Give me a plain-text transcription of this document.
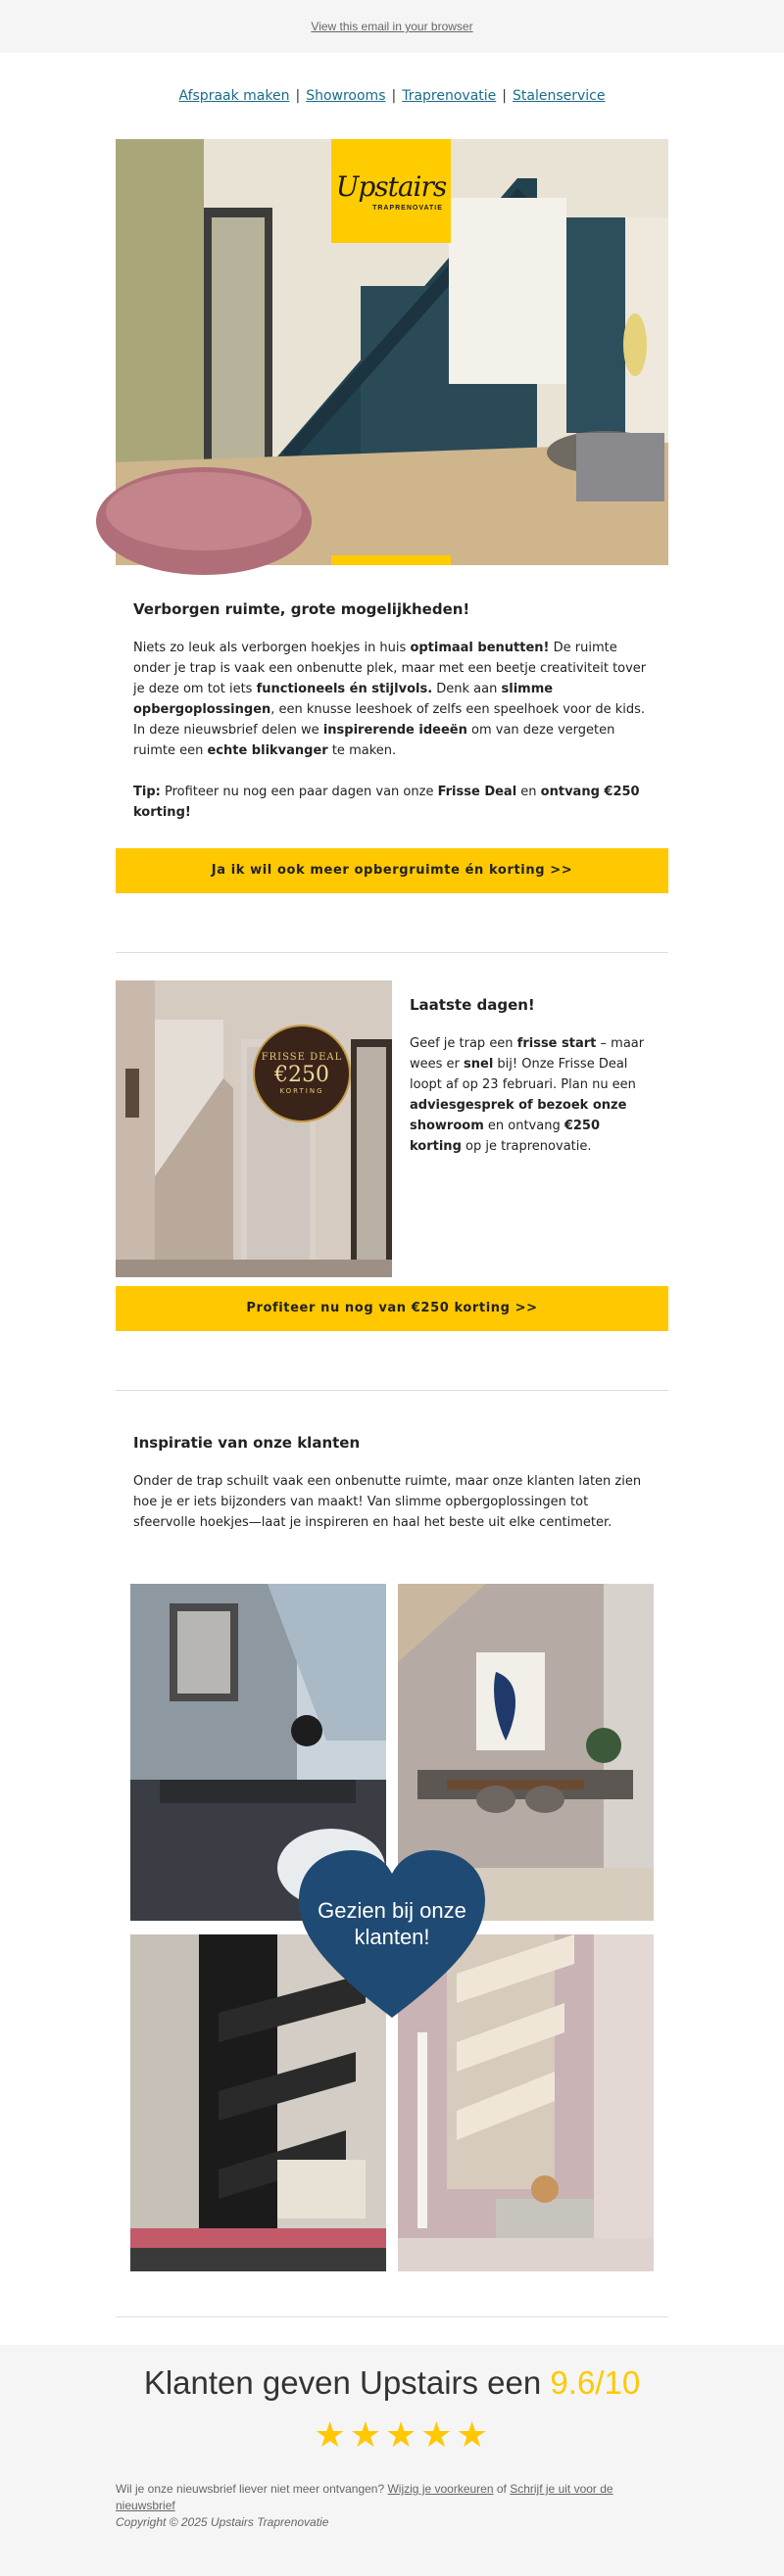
View this email in your browser
Afspraak maken | Showrooms | Traprenovatie | Stalenservice
Upstairs
TRAPRENOVATIE
Verborgen ruimte, grote mogelijkheden!

Niets zo leuk als verborgen hoekjes in huis optimaal benutten! De ruimte onder je trap is vaak een onbenutte plek, maar met een beetje creativiteit tover je deze om tot iets functioneels én stijlvols. Denk aan slimme opbergoplossingen, een knusse leeshoek of zelfs een speelhoek voor de kids. In deze nieuwsbrief delen we inspirerende ideeën om van deze vergeten ruimte een echte blikvanger te maken.

Tip: Profiteer nu nog een paar dagen van onze Frisse Deal en ontvang €250 korting!

Ja ik wil ook meer opbergruimte én korting >>
FRISSE DEAL
€250
KORTING
Laatste dagen!

Geef je trap een frisse start – maar wees er snel bij! Onze Frisse Deal loopt af op 23 februari. Plan nu een adviesgesprek of bezoek onze showroom en ontvang €250 korting op je traprenovatie.

Profiteer nu nog van €250 korting >>
Inspiratie van onze klanten

Onder de trap schuilt vaak een onbenutte ruimte, maar onze klanten laten zien hoe je er iets bijzonders van maakt! Van slimme opbergoplossingen tot sfeervolle hoekjes—laat je inspireren en haal het beste uit elke centimeter.

Gezien bij onze
klanten!
Klanten geven Upstairs een 9.6/10
★★★★★
Wil je onze nieuwsbrief liever niet meer ontvangen? Wijzig je voorkeuren of Schrijf je uit voor de nieuwsbrief
Copyright © 2025 Upstairs Traprenovatie
